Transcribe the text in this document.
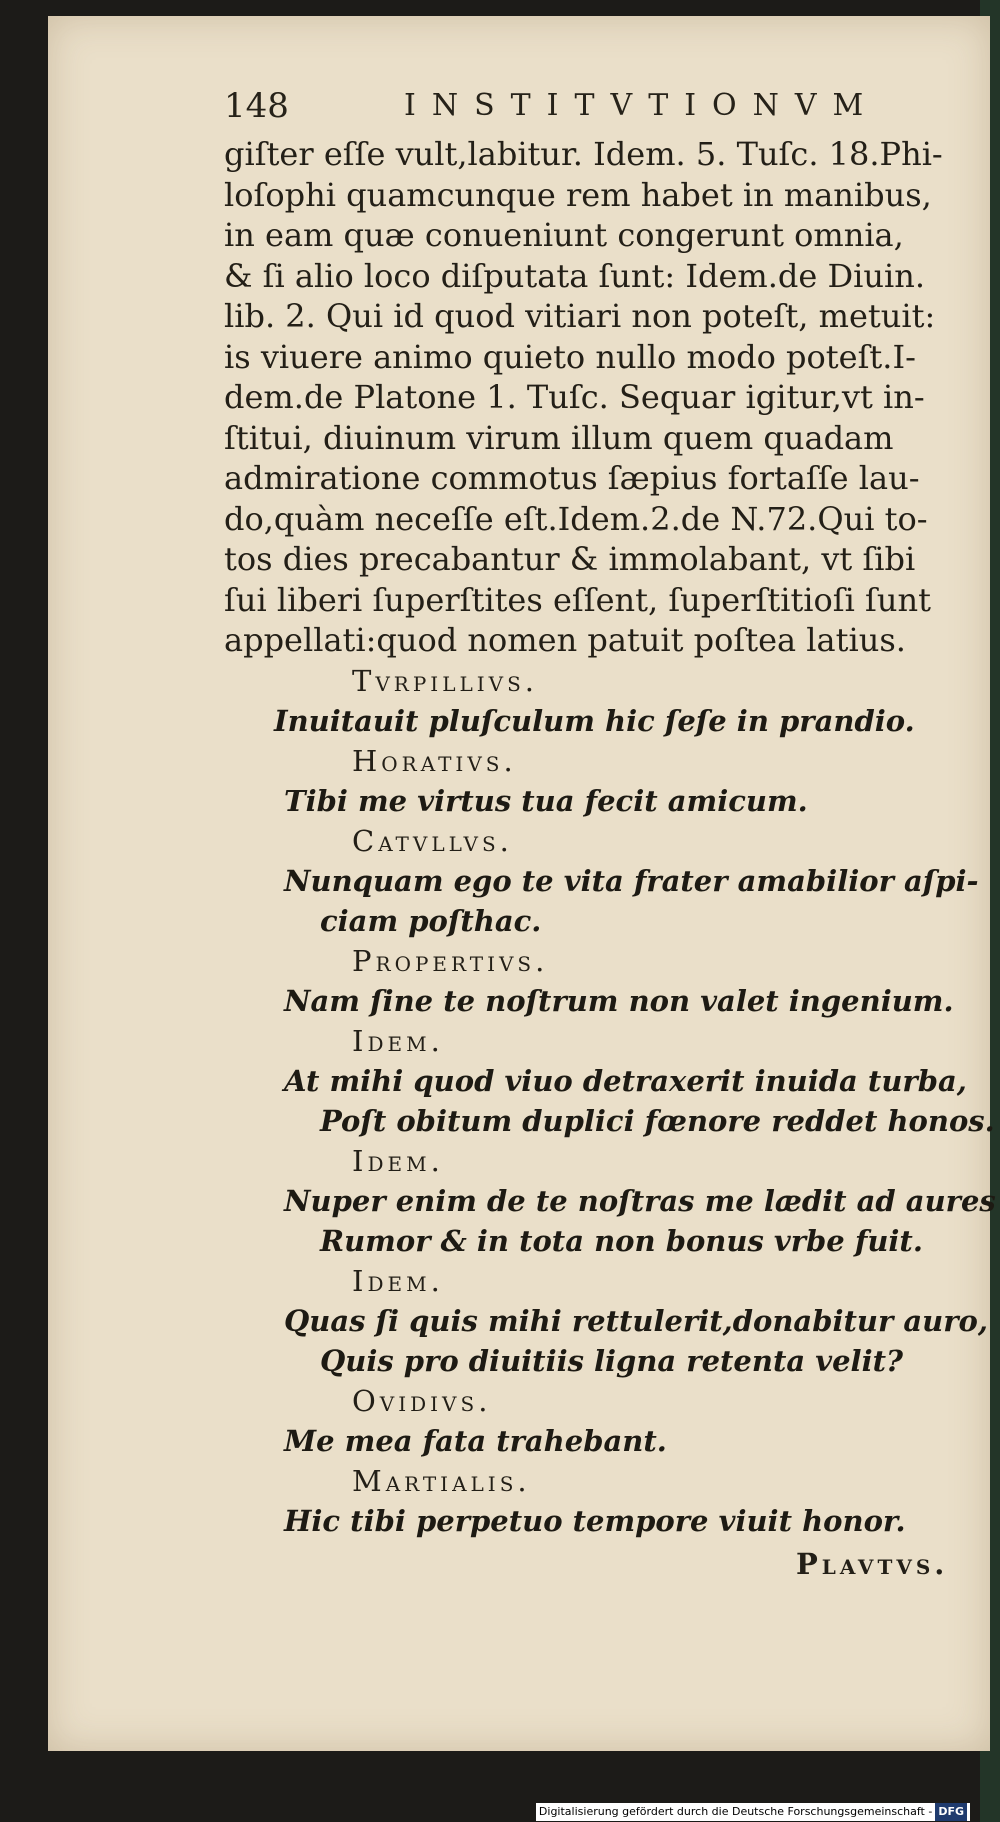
148	INSTITVTIONVM
giſter eſſe vult,labitur. Idem. 5. Tuſc. 18.Phi-
loſophi quamcunque rem habet in manibus,
in eam quæ conueniunt congerunt omnia,
& ſi alio loco diſputata ſunt: Idem.de Diuin.
lib. 2. Qui id quod vitiari non poteſt, metuit:
is viuere animo quieto nullo modo poteſt.I-
dem.de Platone 1. Tuſc. Sequar igitur,vt in-
ſtitui, diuinum virum illum quem quadam
admiratione commotus ſæpius fortaſſe lau-
do,quàm neceſſe eſt.Idem.2.de N.72.Qui to-
tos dies precabantur & immolabant, vt ſibi
ſui liberi ſuperſtites eſſent, ſuperſtitioſi ſunt
appellati:quod nomen patuit poſtea latius.
Tvrpillivs.
Inuitauit pluſculum hic ſeſe in prandio.
Horativs.
Tibi me virtus tua fecit amicum.
Catvllvs.
Nunquam ego te vita frater amabilior aſpi-
ciam poſthac.
Propertivs.
Nam ſine te noſtrum non valet ingenium.
Idem.
At mihi quod viuo detraxerit inuida turba,
Poſt obitum duplici fœnore reddet honos.
Idem.
Nuper enim de te noſtras me lædit ad aures
Rumor & in tota non bonus vrbe fuit.
Idem.
Quas ſi quis mihi rettulerit,donabitur auro,
Quis pro diuitiis ligna retenta velit?
Ovidivs.
Me mea fata trahebant.
Martialis.
Hic tibi perpetuo tempore viuit honor.
Plavtvs.
Digitalisierung gefördert durch die Deutsche Forschungsgemeinschaft - DFG
